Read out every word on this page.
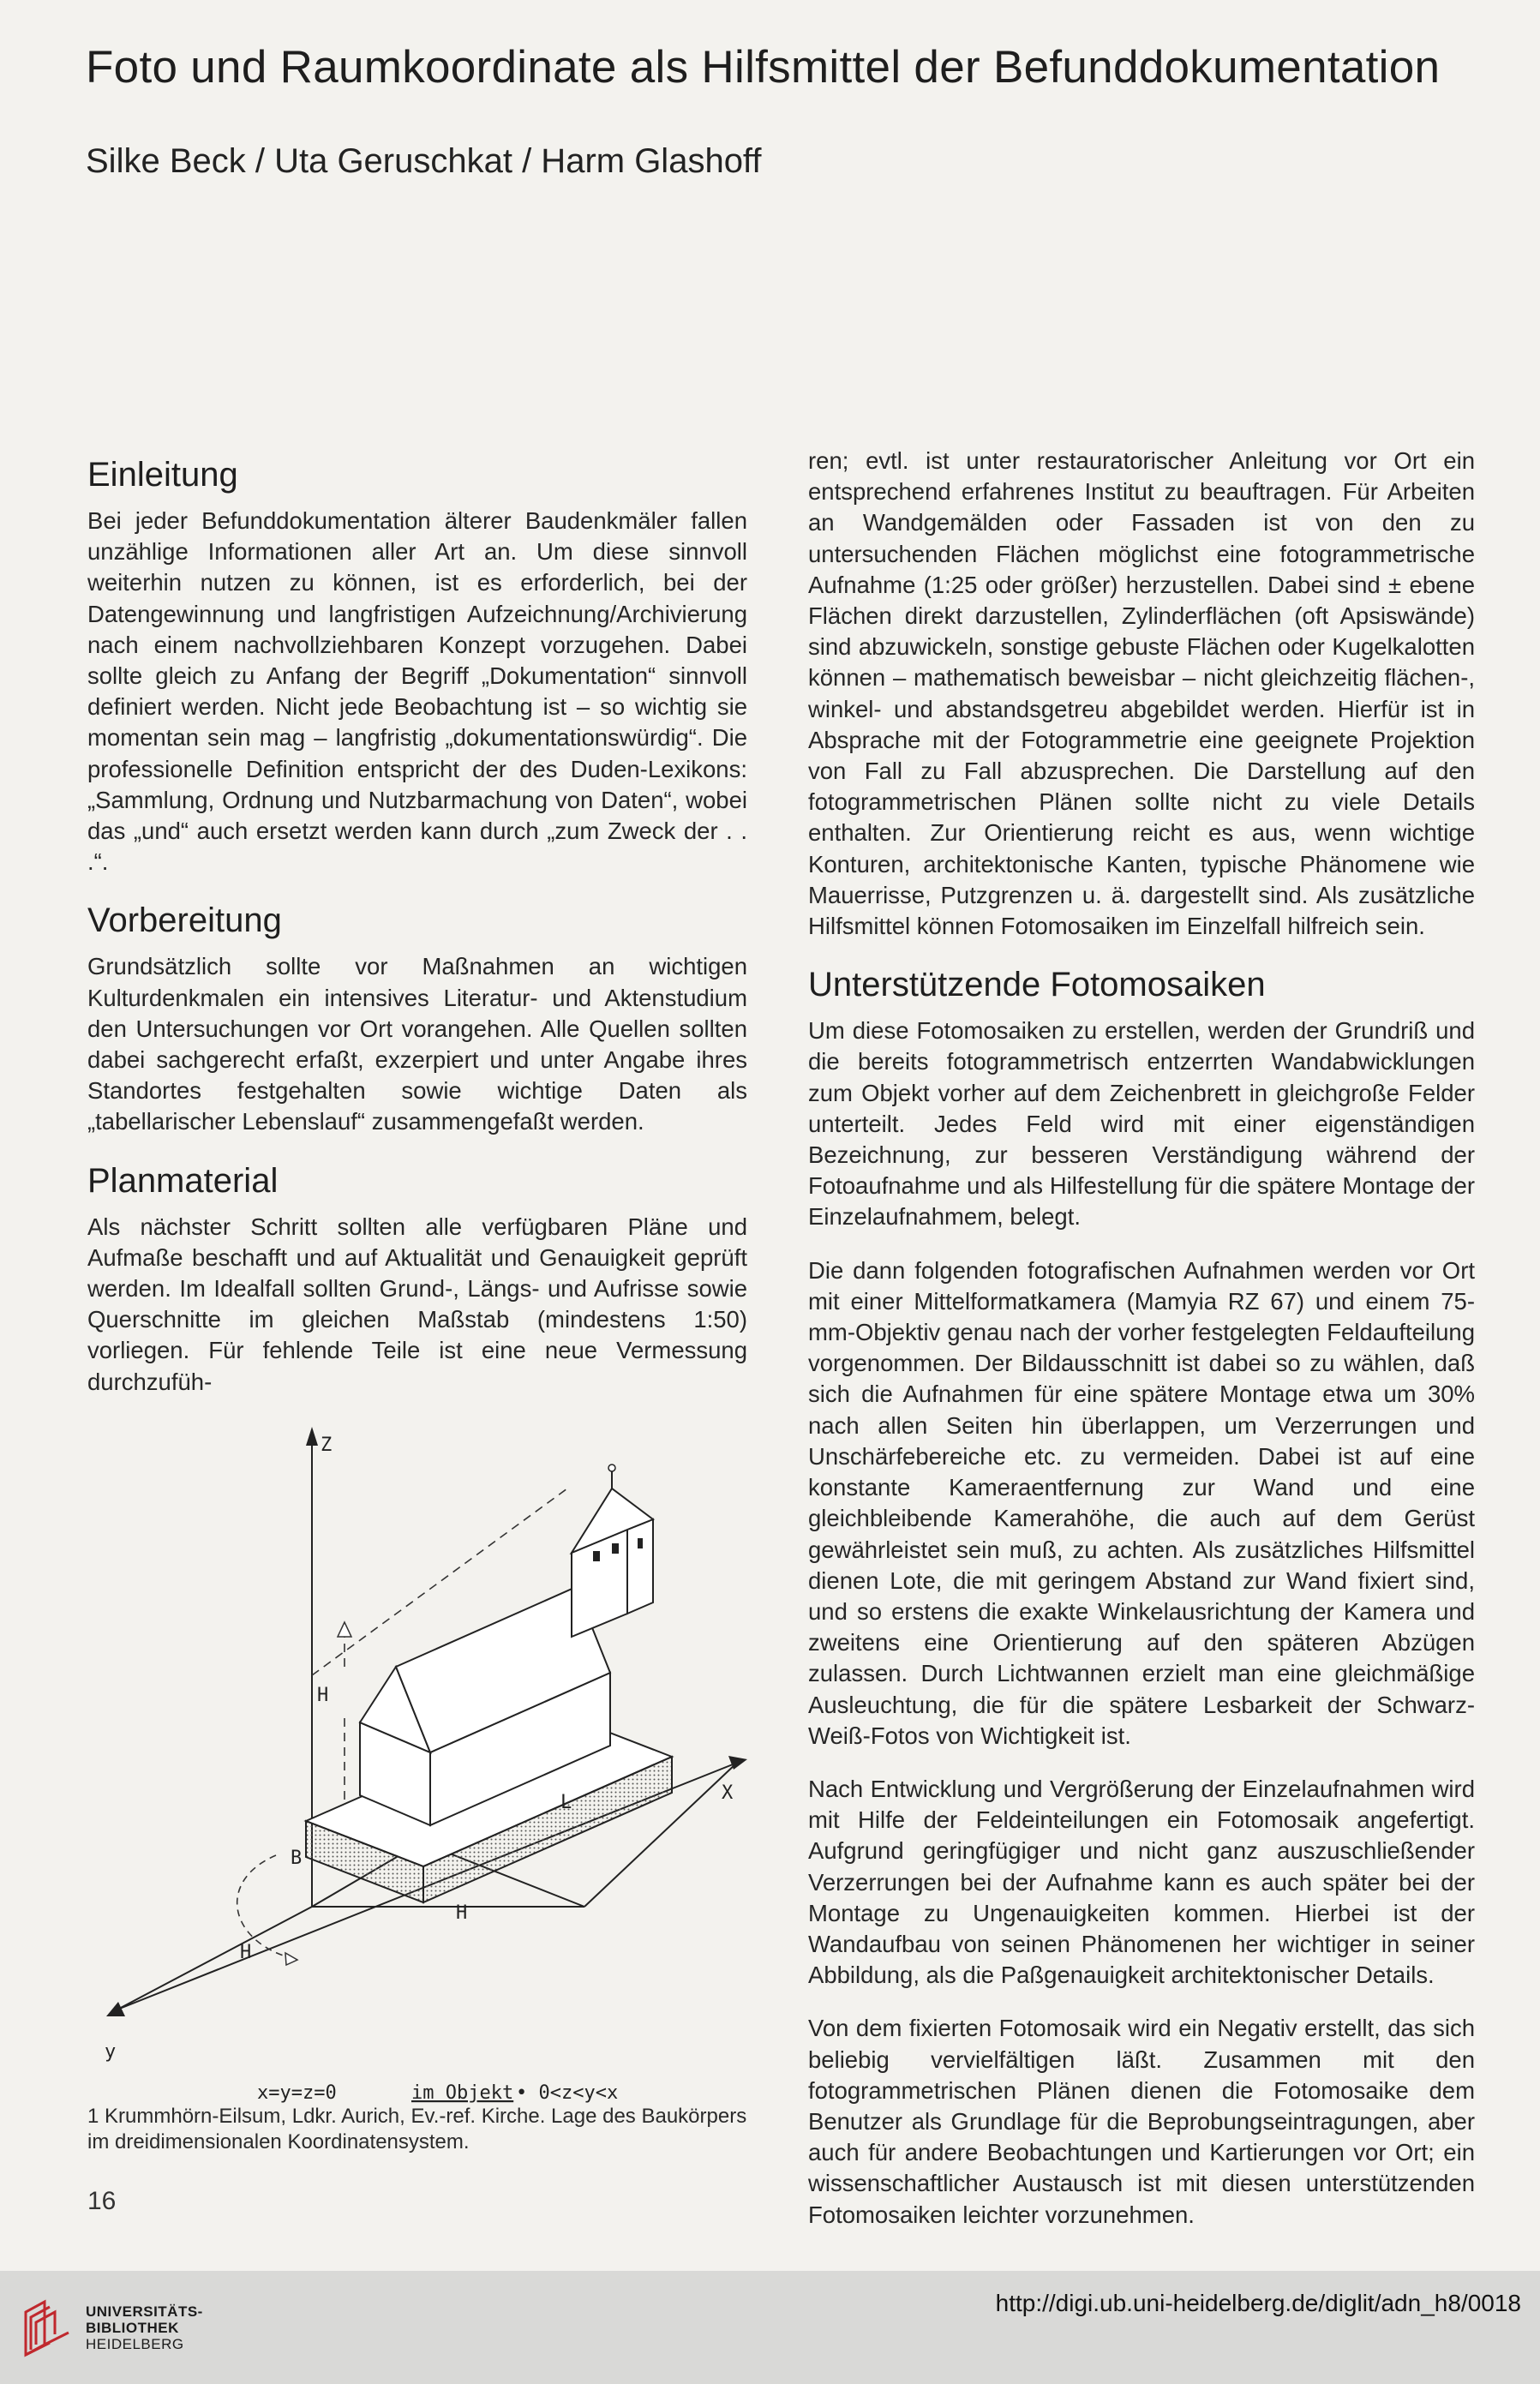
Foto und Raumkoordinate als Hilfsmittel der Befunddokumentation
Silke Beck / Uta Geruschkat / Harm Glashoff
Einleitung

Bei jeder Befunddokumentation älterer Baudenkmäler fallen unzählige Informationen aller Art an. Um diese sinnvoll weiterhin nutzen zu können, ist es erforderlich, bei der Datengewinnung und langfristigen Aufzeichnung/Archivierung nach einem nachvollziehbaren Konzept vorzugehen. Dabei sollte gleich zu Anfang der Begriff „Dokumentation“ sinnvoll definiert werden. Nicht jede Beobachtung ist – so wichtig sie momentan sein mag – langfristig „dokumentationswürdig“. Die professionelle Definition entspricht der des Duden-Lexikons: „Sammlung, Ordnung und Nutzbarmachung von Daten“, wobei das „und“ auch ersetzt werden kann durch „zum Zweck der . . .“.

Vorbereitung

Grundsätzlich sollte vor Maßnahmen an wichtigen Kulturdenkmalen ein intensives Literatur- und Aktenstudium den Untersuchungen vor Ort vorangehen. Alle Quellen sollten dabei sachgerecht erfaßt, exzerpiert und unter Angabe ihres Standortes festgehalten sowie wichtige Daten als „tabellarischer Lebenslauf“ zusammengefaßt werden.

Planmaterial

Als nächster Schritt sollten alle verfügbaren Pläne und Aufmaße beschafft und auf Aktualität und Genauigkeit geprüft werden. Im Idealfall sollten Grund-, Längs- und Aufrisse sowie Querschnitte im gleichen Maßstab (mindestens 1:50) vorliegen. Für fehlende Teile ist eine neue Vermessung durchzufüh-

Z
H
L
B
X
H
H
y
x=y=z=0	im Objekt • 0<z<y<x
1 Krummhörn-Eilsum, Ldkr. Aurich, Ev.-ref. Kirche. Lage des Baukörpers im dreidimensionalen Koordinatensystem.

ren; evtl. ist unter restauratorischer Anleitung vor Ort ein entsprechend erfahrenes Institut zu beauftragen. Für Arbeiten an Wandgemälden oder Fassaden ist von den zu untersuchenden Flächen möglichst eine fotogrammetrische Aufnahme (1:25 oder größer) herzustellen. Dabei sind ± ebene Flächen direkt darzustellen, Zylinderflächen (oft Apsiswände) sind abzuwickeln, sonstige gebuste Flächen oder Kugelkalotten können – mathematisch beweisbar – nicht gleichzeitig flächen-, winkel- und abstandsgetreu abgebildet werden. Hierfür ist in Absprache mit der Fotogrammetrie eine geeignete Projektion von Fall zu Fall abzusprechen. Die Darstellung auf den fotogrammetrischen Plänen sollte nicht zu viele Details enthalten. Zur Orientierung reicht es aus, wenn wichtige Konturen, architektonische Kanten, typische Phänomene wie Mauerrisse, Putzgrenzen u. ä. dargestellt sind. Als zusätzliche Hilfsmittel können Fotomosaiken im Einzelfall hilfreich sein.

Unterstützende Fotomosaiken

Um diese Fotomosaiken zu erstellen, werden der Grundriß und die bereits fotogrammetrisch entzerrten Wandabwicklungen zum Objekt vorher auf dem Zeichenbrett in gleichgroße Felder unterteilt. Jedes Feld wird mit einer eigenständigen Bezeichnung, zur besseren Verständigung während der Fotoaufnahme und als Hilfestellung für die spätere Montage der Einzelaufnahmem, belegt.

Die dann folgenden fotografischen Aufnahmen werden vor Ort mit einer Mittelformatkamera (Mamyia RZ 67) und einem 75-mm-Objektiv genau nach der vorher festgelegten Feldaufteilung vorgenommen. Der Bildausschnitt ist dabei so zu wählen, daß sich die Aufnahmen für eine spätere Montage etwa um 30% nach allen Seiten hin überlappen, um Verzerrungen und Unschärfebereiche etc. zu vermeiden. Dabei ist auf eine konstante Kameraentfernung zur Wand und eine gleichbleibende Kamerahöhe, die auch auf dem Gerüst gewährleistet sein muß, zu achten. Als zusätzliches Hilfsmittel dienen Lote, die mit geringem Abstand zur Wand fixiert sind, und so erstens die exakte Winkelausrichtung der Kamera und zweitens eine Orientierung auf den späteren Abzügen zulassen. Durch Lichtwannen erzielt man eine gleichmäßige Ausleuchtung, die für die spätere Lesbarkeit der Schwarz-Weiß-Fotos von Wichtigkeit ist.

Nach Entwicklung und Vergrößerung der Einzelaufnahmen wird mit Hilfe der Feldeinteilungen ein Fotomosaik angefertigt. Aufgrund geringfügiger und nicht ganz auszuschließender Verzerrungen bei der Aufnahme kann es auch später bei der Montage zu Ungenauigkeiten kommen. Hierbei ist der Wandaufbau von seinen Phänomenen her wichtiger in seiner Abbildung, als die Paßgenauigkeit architektonischer Details.

Von dem fixierten Fotomosaik wird ein Negativ erstellt, das sich beliebig vervielfältigen läßt. Zusammen mit den fotogrammetrischen Plänen dienen die Fotomosaike dem Benutzer als Grundlage für die Beprobungseintragungen, aber auch für andere Beobachtungen und Kartierungen vor Ort; ein wissenschaftlicher Austausch ist mit diesen unterstützenden Fotomosaiken leichter vorzunehmen.

16
UNIVERSITÄTS-
BIBLIOTHEK
HEIDELBERG
http://digi.ub.uni-heidelberg.de/diglit/adn_h8/0018
